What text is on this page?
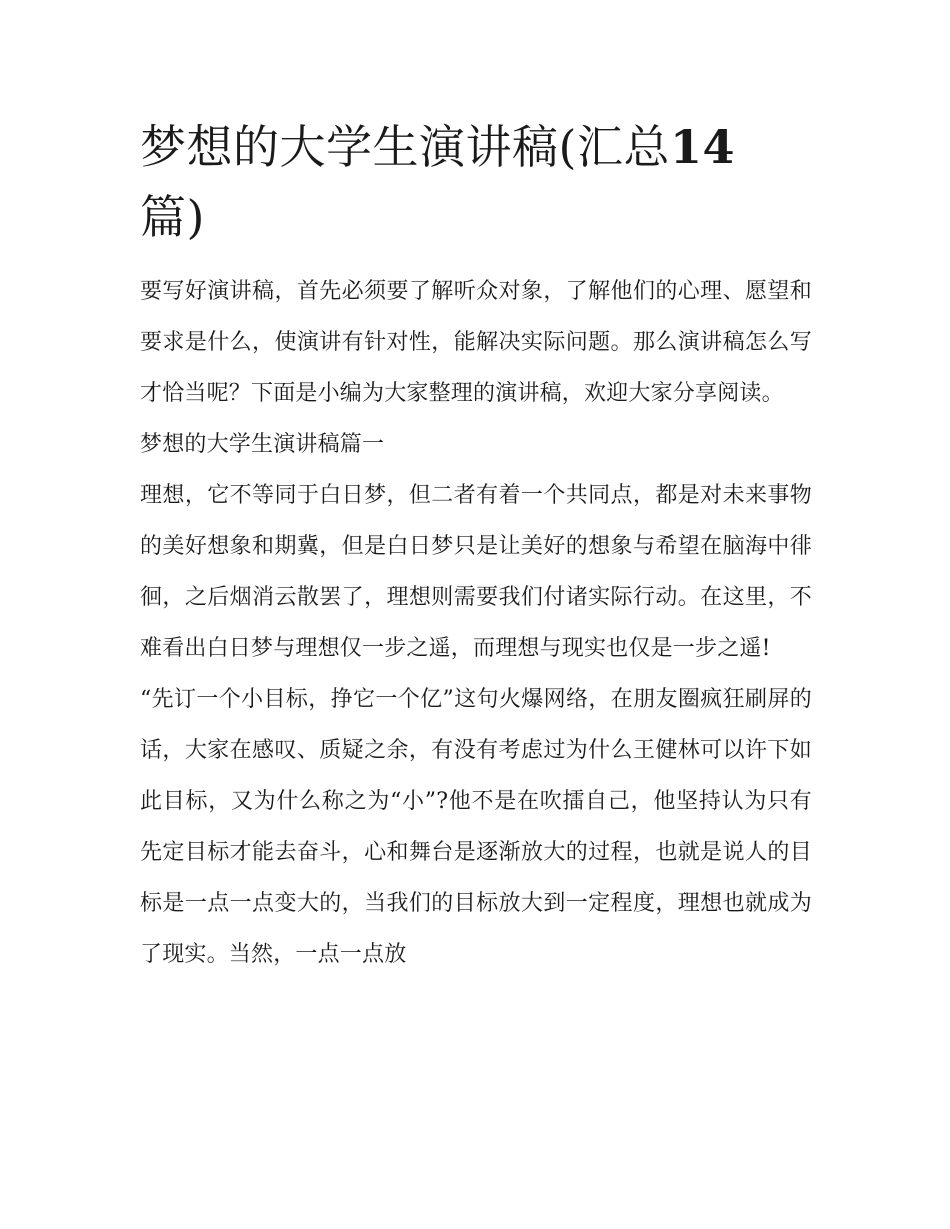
梦想的大学生演讲稿(汇总14
篇)

要写好演讲稿，首先必须要了解听众对象，了解他们的心理、愿望和要求是什么，使演讲有针对性，能解决实际问题。那么演讲稿怎么写才恰当呢？下面是小编为大家整理的演讲稿，欢迎大家分享阅读。

梦想的大学生演讲稿篇一

理想，它不等同于白日梦，但二者有着一个共同点，都是对未来事物的美好想象和期冀，但是白日梦只是让美好的想象与希望在脑海中徘徊，之后烟消云散罢了，理想则需要我们付诸实际行动。在这里，不难看出白日梦与理想仅一步之遥，而理想与现实也仅是一步之遥!

“先订一个小目标，挣它一个亿”这句火爆网络，在朋友圈疯狂刷屏的话，大家在感叹、质疑之余，有没有考虑过为什么王健林可以许下如此目标，又为什么称之为“小”?他不是在吹擂自己，他坚持认为只有先定目标才能去奋斗，心和舞台是逐渐放大的过程，也就是说人的目标是一点一点变大的，当我们的目标放大到一定程度，理想也就成为了现实。当然，一点一点放
